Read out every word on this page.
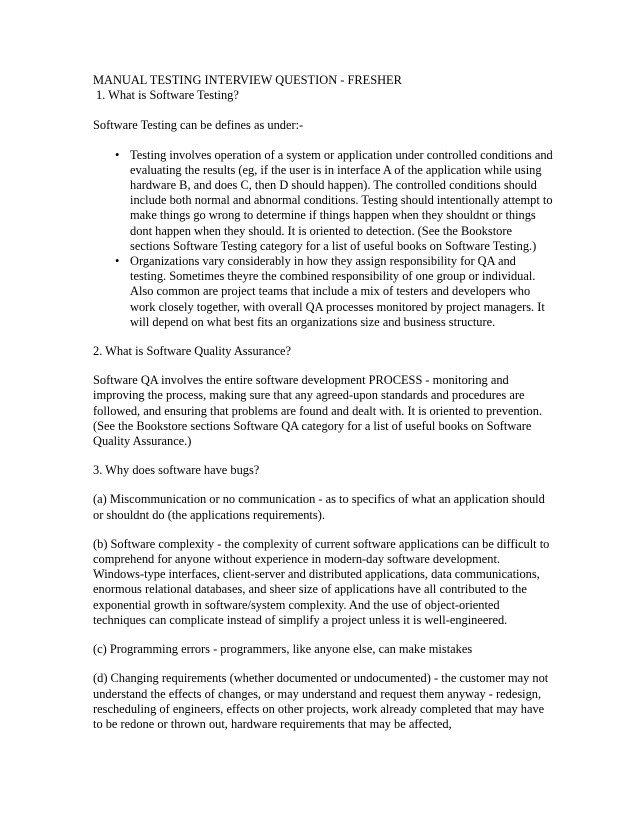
MANUAL TESTING INTERVIEW QUESTION - FRESHER

1. What is Software Testing?

Software Testing can be defines as under:-

• Testing involves operation of a system or application under controlled conditions and evaluating the results (eg, if the user is in interface A of the application while using hardware B, and does C, then D should happen). The controlled conditions should include both normal and abnormal conditions. Testing should intentionally attempt to make things go wrong to determine if things happen when they shouldnt or things dont happen when they should. It is oriented to detection. (See the Bookstore sections Software Testing category for a list of useful books on Software Testing.)
• Organizations vary considerably in how they assign responsibility for QA and testing. Sometimes theyre the combined responsibility of one group or individual. Also common are project teams that include a mix of testers and developers who work closely together, with overall QA processes monitored by project managers. It will depend on what best fits an organizations size and business structure.

2. What is Software Quality Assurance?

Software QA involves the entire software development PROCESS - monitoring and improving the process, making sure that any agreed-upon standards and procedures are followed, and ensuring that problems are found and dealt with. It is oriented to prevention. (See the Bookstore sections Software QA category for a list of useful books on Software Quality Assurance.)

3. Why does software have bugs?

(a) Miscommunication or no communication - as to specifics of what an application should or shouldnt do (the applications requirements).

(b) Software complexity - the complexity of current software applications can be difficult to comprehend for anyone without experience in modern-day software development. Windows-type interfaces, client-server and distributed applications, data communications, enormous relational databases, and sheer size of applications have all contributed to the exponential growth in software/system complexity. And the use of object-oriented techniques can complicate instead of simplify a project unless it is well-engineered.

(c) Programming errors - programmers, like anyone else, can make mistakes

(d) Changing requirements (whether documented or undocumented) - the customer may not understand the effects of changes, or may understand and request them anyway - redesign, rescheduling of engineers, effects on other projects, work already completed that may have to be redone or thrown out, hardware requirements that may be affected,
